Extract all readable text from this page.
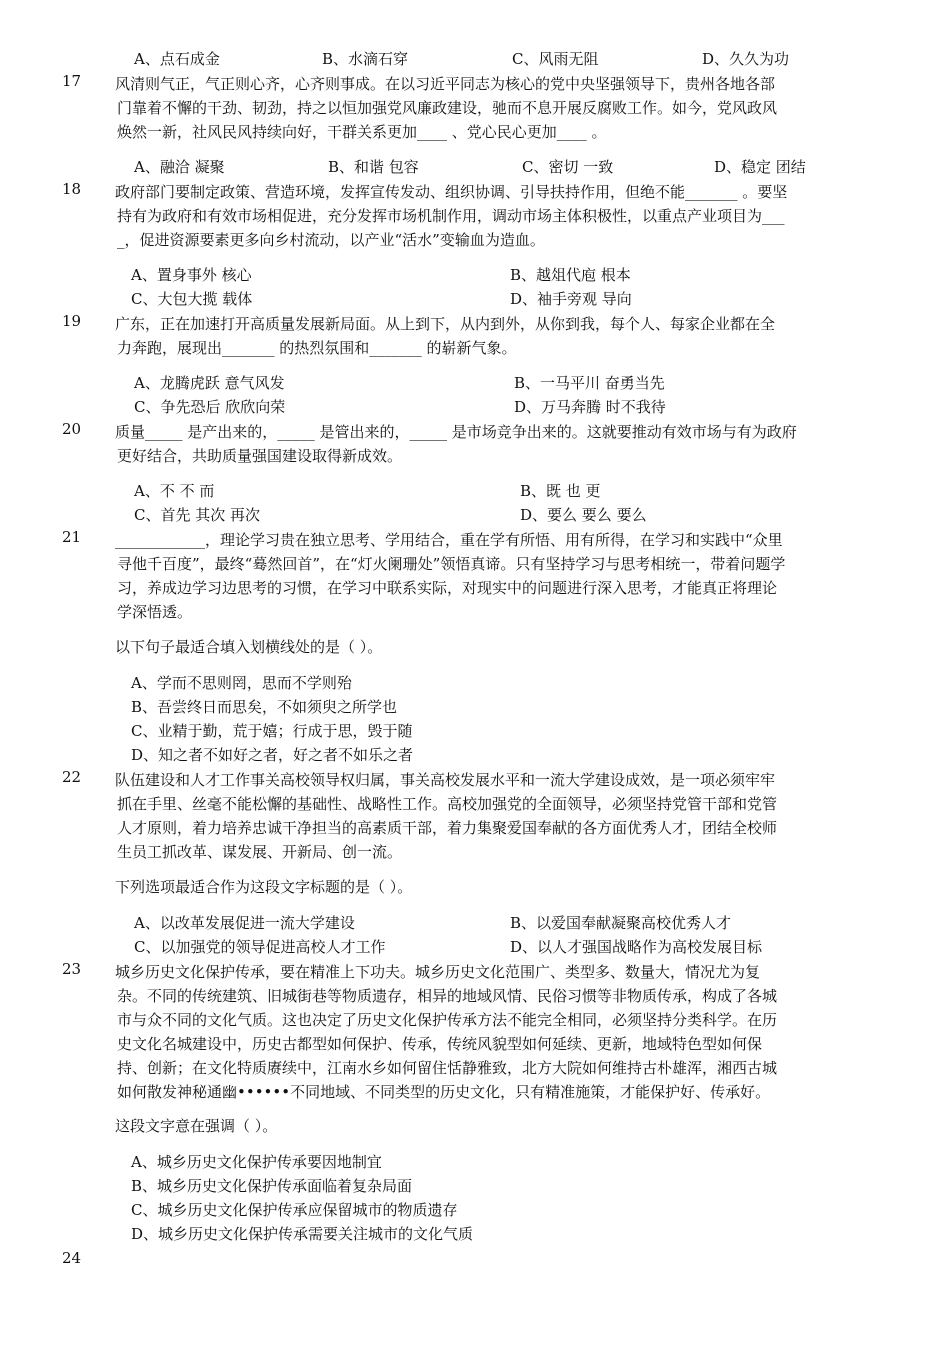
A、点石成金	B、水滴石穿	C、风雨无阻	D、久久为功
17 风清则气正，气正则心齐，心齐则事成。在以习近平同志为核心的党中央坚强领导下，贵州各地各部
门靠着不懈的干劲、韧劲，持之以恒加强党风廉政建设，驰而不息开展反腐败工作。如今，党风政风
焕然一新，社风民风持续向好，干群关系更加____ 、党心民心更加____ 。
A、融洽 凝聚	B、和谐 包容	C、密切 一致	D、稳定 团结
18 政府部门要制定政策、营造环境，发挥宣传发动、组织协调、引导扶持作用，但绝不能_______ 。要坚
持有为政府和有效市场相促进，充分发挥市场机制作用，调动市场主体积极性，以重点产业项目为___
_，促进资源要素更多向乡村流动，以产业“活水”变输血为造血。
A、置身事外 核心	B、越俎代庖 根本
C、大包大揽 载体	D、袖手旁观 导向
19 广东，正在加速打开高质量发展新局面。从上到下，从内到外，从你到我，每个人、每家企业都在全
力奔跑，展现出_______ 的热烈氛围和_______ 的崭新气象。
A、龙腾虎跃 意气风发	B、一马平川 奋勇当先
C、争先恐后 欣欣向荣	D、万马奔腾 时不我待
20 质量_____ 是产出来的，_____ 是管出来的，_____ 是市场竞争出来的。这就要推动有效市场与有为政府
更好结合，共助质量强国建设取得新成效。
A、不 不 而	B、既 也 更
C、首先 其次 再次	D、要么 要么 要么
21 ____________，理论学习贵在独立思考、学用结合，重在学有所悟、用有所得，在学习和实践中“众里
寻他千百度”，最终“蓦然回首”，在“灯火阑珊处”领悟真谛。只有坚持学习与思考相统一，带着问题学
习，养成边学习边思考的习惯，在学习中联系实际，对现实中的问题进行深入思考，才能真正将理论
学深悟透。
以下句子最适合填入划横线处的是（ ）。
A、学而不思则罔，思而不学则殆
B、吾尝终日而思矣，不如须臾之所学也
C、业精于勤，荒于嬉；行成于思，毁于随
D、知之者不如好之者，好之者不如乐之者
22 队伍建设和人才工作事关高校领导权归属，事关高校发展水平和一流大学建设成效，是一项必须牢牢
抓在手里、丝毫不能松懈的基础性、战略性工作。高校加强党的全面领导，必须坚持党管干部和党管
人才原则，着力培养忠诚干净担当的高素质干部，着力集聚爱国奉献的各方面优秀人才，团结全校师
生员工抓改革、谋发展、开新局、创一流。
下列选项最适合作为这段文字标题的是（ ）。
A、以改革发展促进一流大学建设	B、以爱国奉献凝聚高校优秀人才
C、以加强党的领导促进高校人才工作	D、以人才强国战略作为高校发展目标
23 城乡历史文化保护传承，要在精准上下功夫。城乡历史文化范围广、类型多、数量大，情况尤为复
杂。不同的传统建筑、旧城街巷等物质遗存，相异的地域风情、民俗习惯等非物质传承，构成了各城
市与众不同的文化气质。这也决定了历史文化保护传承方法不能完全相同，必须坚持分类科学。在历
史文化名城建设中，历史古都型如何保护、传承，传统风貌型如何延续、更新，地域特色型如何保
持、创新；在文化特质赓续中，江南水乡如何留住恬静雅致，北方大院如何维持古朴雄浑，湘西古城
如何散发神秘通幽••••••不同地域、不同类型的历史文化，只有精准施策，才能保护好、传承好。
这段文字意在强调（ ）。
A、城乡历史文化保护传承要因地制宜
B、城乡历史文化保护传承面临着复杂局面
C、城乡历史文化保护传承应保留城市的物质遗存
D、城乡历史文化保护传承需要关注城市的文化气质
24
